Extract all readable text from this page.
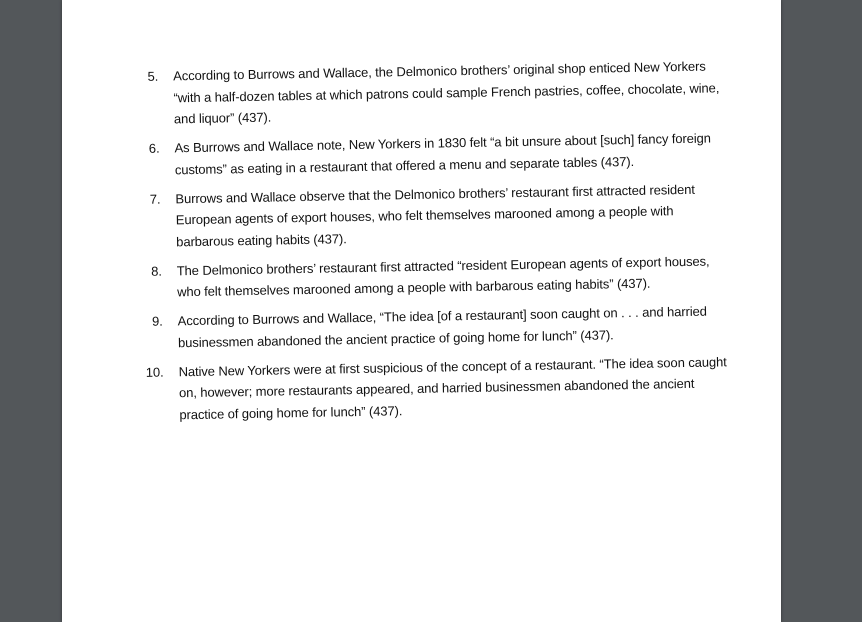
5. According to Burrows and Wallace, the Delmonico brothers’ original shop enticed New Yorkers “with a half-dozen tables at which patrons could sample French pastries, coffee, chocolate, wine, and liquor” (437).
6. As Burrows and Wallace note, New Yorkers in 1830 felt “a bit unsure about [such] fancy foreign customs” as eating in a restaurant that offered a menu and separate tables (437).
7. Burrows and Wallace observe that the Delmonico brothers’ restaurant first attracted resident European agents of export houses, who felt themselves marooned among a people with barbarous eating habits (437).
8. The Delmonico brothers’ restaurant first attracted “resident European agents of export houses, who felt themselves marooned among a people with barbarous eating habits” (437).
9. According to Burrows and Wallace, “The idea [of a restaurant] soon caught on . . . and harried businessmen abandoned the ancient practice of going home for lunch” (437).
10. Native New Yorkers were at first suspicious of the concept of a restaurant. “The idea soon caught on, however; more restaurants appeared, and harried businessmen abandoned the ancient practice of going home for lunch” (437).
